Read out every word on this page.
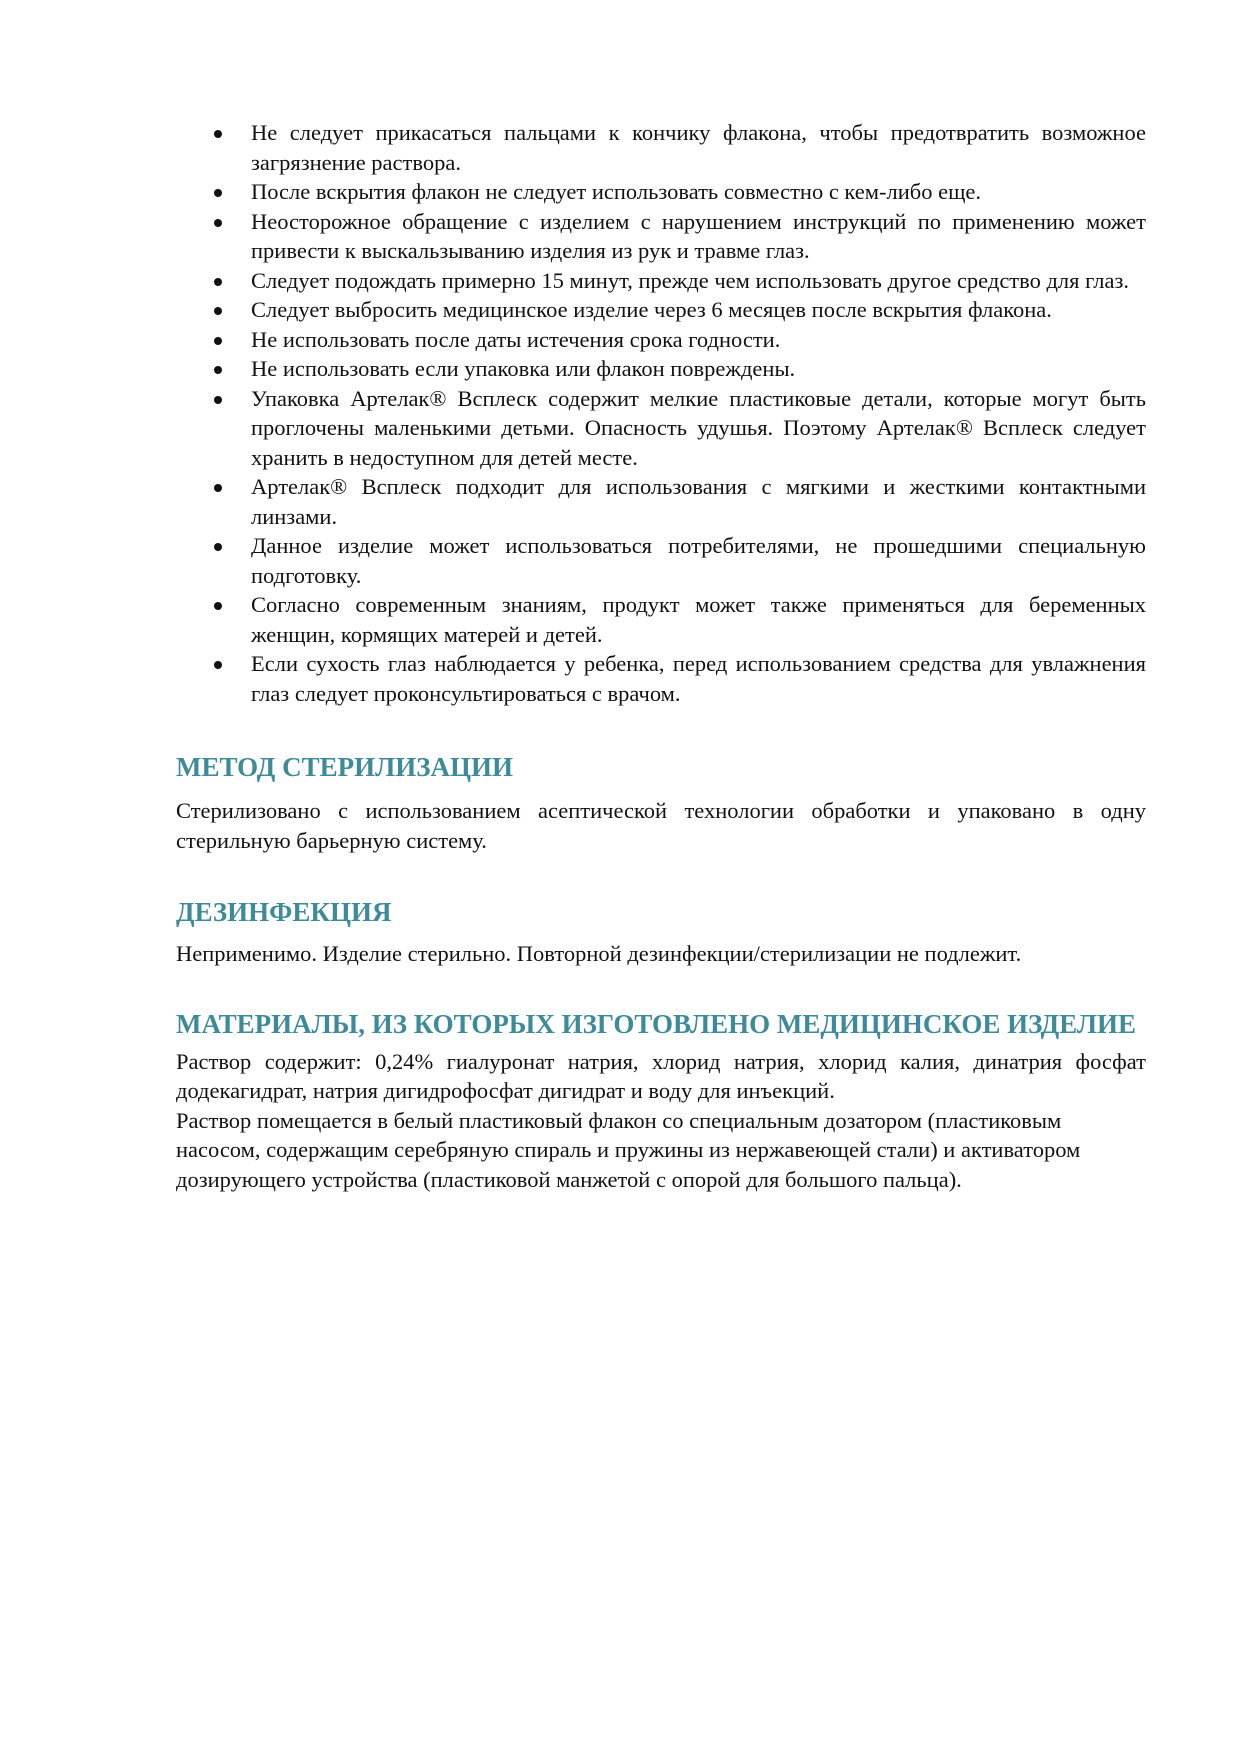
Не следует прикасаться пальцами к кончику флакона, чтобы предотвратить возможное загрязнение раствора.
После вскрытия флакон не следует использовать совместно с кем-либо еще.
Неосторожное обращение с изделием с нарушением инструкций по применению может привести к выскальзыванию изделия из рук и травме глаз.
Следует подождать примерно 15 минут, прежде чем использовать другое средство для глаз.
Следует выбросить медицинское изделие через 6 месяцев после вскрытия флакона.
Не использовать после даты истечения срока годности.
Не использовать если упаковка или флакон повреждены.
Упаковка Артелак® Всплеск содержит мелкие пластиковые детали, которые могут быть проглочены маленькими детьми. Опасность удушья. Поэтому Артелак® Всплеск следует хранить в недоступном для детей месте.
Артелак® Всплеск подходит для использования с мягкими и жесткими контактными линзами.
Данное изделие может использоваться потребителями, не прошедшими специальную подготовку.
Согласно современным знаниям, продукт может также применяться для беременных женщин, кормящих матерей и детей.
Если сухость глаз наблюдается у ребенка, перед использованием средства для увлажнения глаз следует проконсультироваться с врачом.
МЕТОД СТЕРИЛИЗАЦИИ

Стерилизовано с использованием асептической технологии обработки и упаковано в одну стерильную барьерную систему.

ДЕЗИНФЕКЦИЯ

Неприменимо. Изделие стерильно. Повторной дезинфекции/стерилизации не подлежит.

МАТЕРИАЛЫ, ИЗ КОТОРЫХ ИЗГОТОВЛЕНО МЕДИЦИНСКОЕ ИЗДЕЛИЕ

Раствор содержит: 0,24% гиалуронат натрия, хлорид натрия, хлорид калия, динатрия фосфат додекагидрат, натрия дигидрофосфат дигидрат и воду для инъекций.

Раствор помещается в белый пластиковый флакон со специальным дозатором (пластиковым насосом, содержащим серебряную спираль и пружины из нержавеющей стали) и активатором дозирующего устройства (пластиковой манжетой с опорой для большого пальца).
